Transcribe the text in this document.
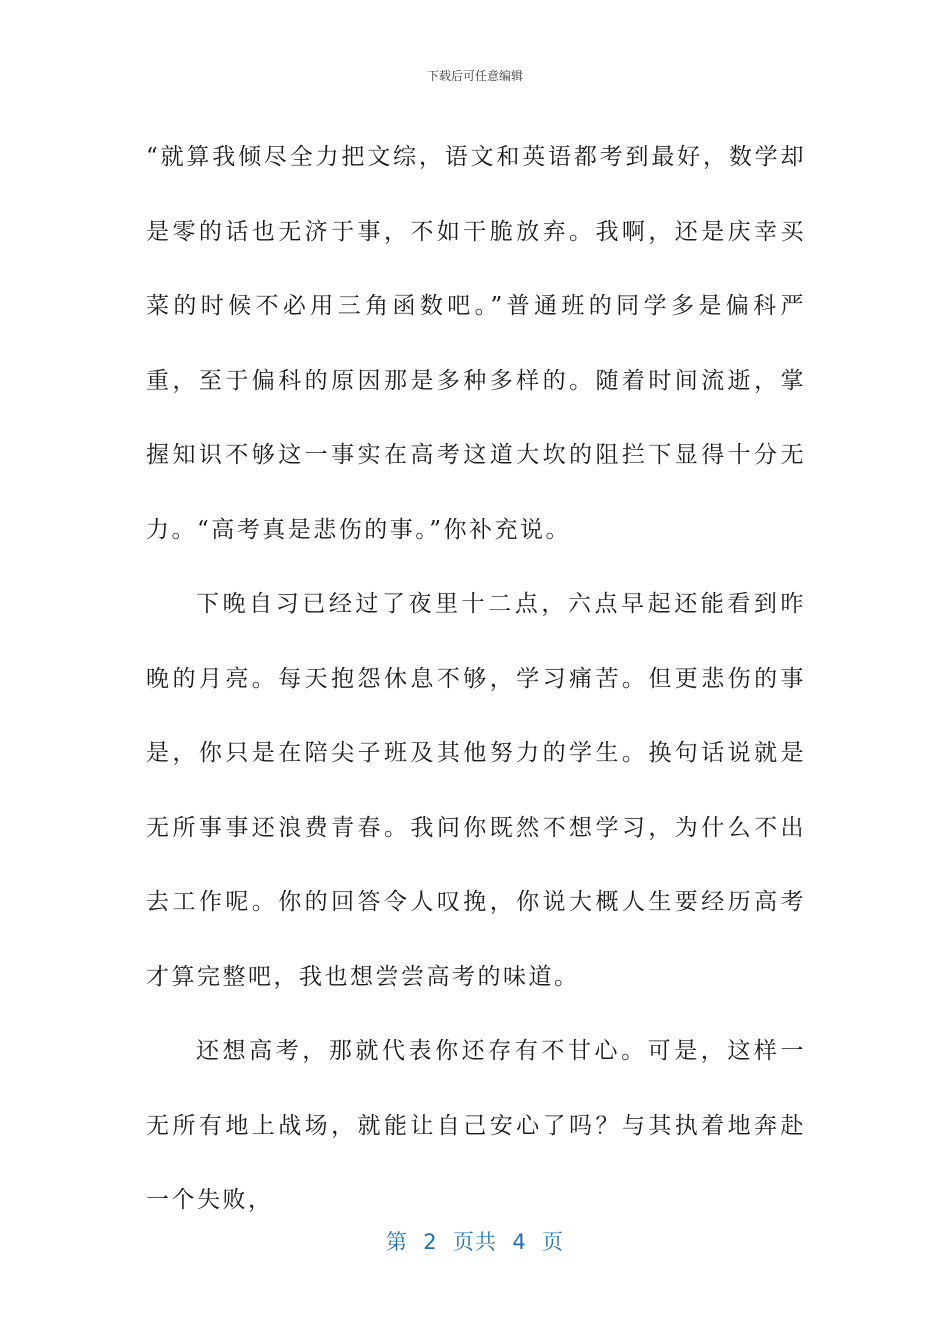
下载后可任意编辑

“就算我倾尽全力把文综，语文和英语都考到最好，数学却是零的话也无济于事，不如干脆放弃。我啊，还是庆幸买菜的时候不必用三角函数吧。”普通班的同学多是偏科严重，至于偏科的原因那是多种多样的。随着时间流逝，掌握知识不够这一事实在高考这道大坎的阻拦下显得十分无力。“高考真是悲伤的事。”你补充说。

下晚自习已经过了夜里十二点，六点早起还能看到昨晚的月亮。每天抱怨休息不够，学习痛苦。但更悲伤的事是，你只是在陪尖子班及其他努力的学生。换句话说就是无所事事还浪费青春。我问你既然不想学习，为什么不出去工作呢。你的回答令人叹挽，你说大概人生要经历高考才算完整吧，我也想尝尝高考的味道。

还想高考，那就代表你还存有不甘心。可是，这样一无所有地上战场，就能让自己安心了吗？与其执着地奔赴一个失败，

第  2  页共  4  页
